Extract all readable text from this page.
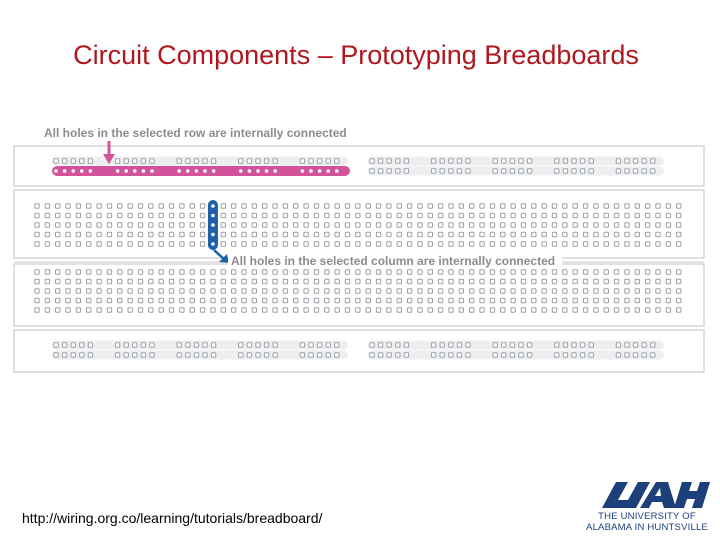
Circuit Components – Prototyping Breadboards
All holes in the selected row are internally connected
All holes in the selected column are internally connected
http://wiring.org.co/learning/tutorials/breadboard/
UAH
THE UNIVERSITY OF
ALABAMA IN HUNTSVILLE
